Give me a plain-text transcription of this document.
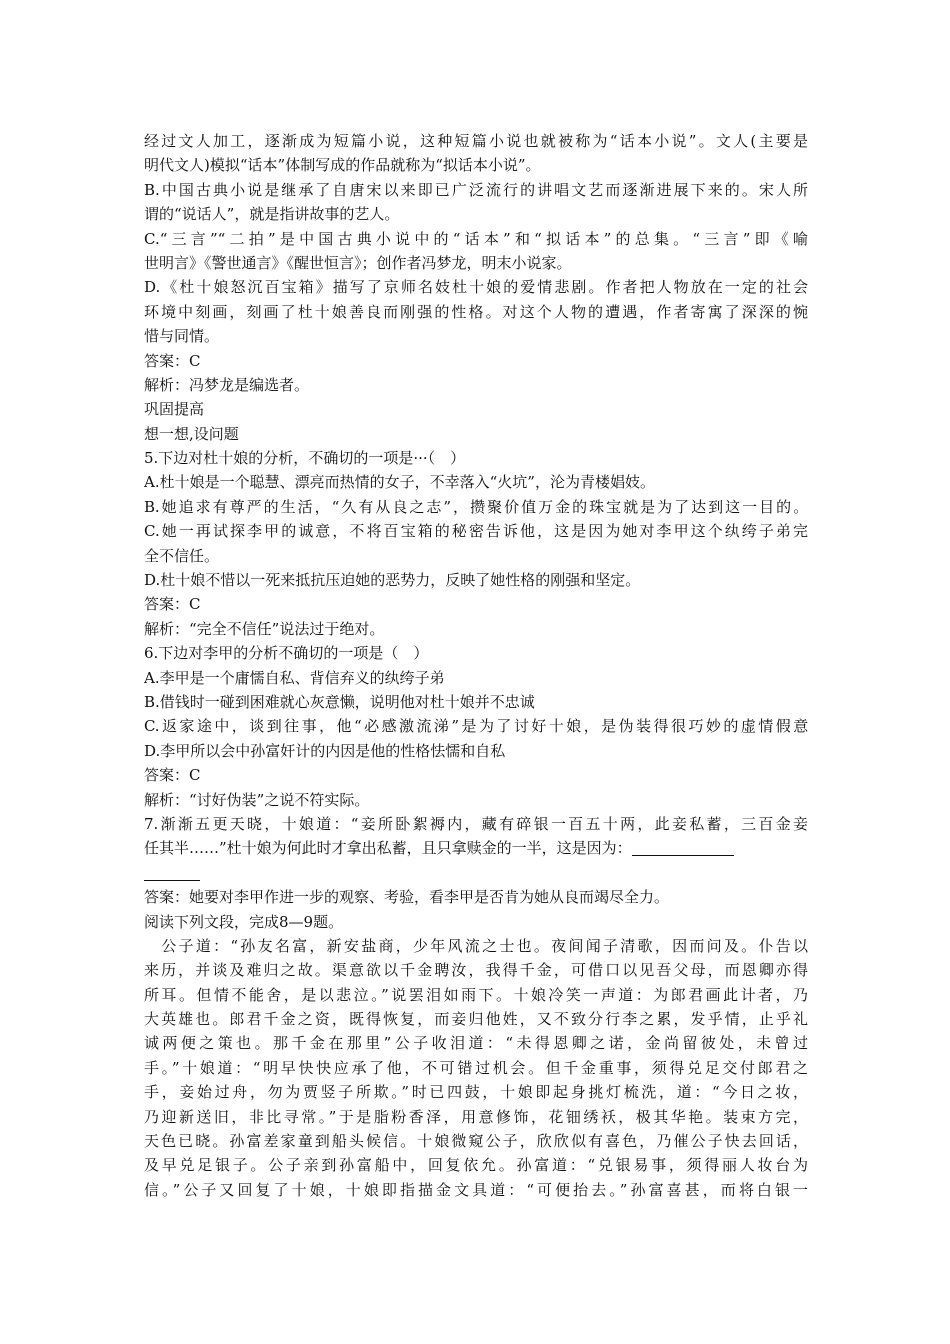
经过文人加工，逐渐成为短篇小说，这种短篇小说也就被称为“话本小说”。文人(主要是
明代文人)模拟“话本”体制写成的作品就称为“拟话本小说”。
B.中国古典小说是继承了自唐宋以来即已广泛流行的讲唱文艺而逐渐进展下来的。宋人所
谓的“说话人”，就是指讲故事的艺人。
C.“三言”“二拍”是中国古典小说中的“话本”和“拟话本”的总集。“三言”即《喻
世明言》《警世通言》《醒世恒言》；创作者冯梦龙，明末小说家。
D.《杜十娘怒沉百宝箱》描写了京师名妓杜十娘的爱情悲剧。作者把人物放在一定的社会
环境中刻画，刻画了杜十娘善良而刚强的性格。对这个人物的遭遇，作者寄寓了深深的惋
惜与同情。
答案：C
解析：冯梦龙是编选者。
巩固提高
想一想,设问题
5.下边对杜十娘的分析，不确切的一项是···（　）
A.杜十娘是一个聪慧、漂亮而热情的女子，不幸落入“火坑”，沦为青楼娼妓。
B.她追求有尊严的生活，“久有从良之志”，攒聚价值万金的珠宝就是为了达到这一目的。
C.她一再试探李甲的诚意，不将百宝箱的秘密告诉他，这是因为她对李甲这个纨绔子弟完
全不信任。
D.杜十娘不惜以一死来抵抗压迫她的恶势力，反映了她性格的刚强和坚定。
答案：C
解析：“完全不信任”说法过于绝对。
6.下边对李甲的分析不确切的一项是（　）
A.李甲是一个庸懦自私、背信弃义的纨绔子弟
B.借钱时一碰到困难就心灰意懒，说明他对杜十娘并不忠诚
C.返家途中，谈到往事，他“必感激流涕”是为了讨好十娘，是伪装得很巧妙的虚情假意
D.李甲所以会中孙富奸计的内因是他的性格怯懦和自私
答案：C
解析：“讨好伪装”之说不符实际。
7.渐渐五更天晓，十娘道：“妾所卧絮褥内，藏有碎银一百五十两，此妾私蓄，三百金妾
任其半……”杜十娘为何此时才拿出私蓄，且只拿赎金的一半，这是因为：
答案：她要对李甲作进一步的观察、考验，看李甲是否肯为她从良而竭尽全力。
阅读下列文段，完成8—9题。
　公子道：“孙友名富，新安盐商，少年风流之士也。夜间闻子清歌，因而问及。仆告以
来历，并谈及难归之故。渠意欲以千金聘汝，我得千金，可借口以见吾父母，而恩卿亦得
所耳。但情不能舍，是以悲泣。”说罢泪如雨下。十娘冷笑一声道：为郎君画此计者，乃
大英雄也。郎君千金之资，既得恢复，而妾归他姓，又不致分行李之累，发乎情，止乎礼
诚两便之策也。那千金在那里”公子收泪道：“未得恩卿之诺，金尚留彼处，未曾过
手。”十娘道：“明早快快应承了他，不可错过机会。但千金重事，须得兑足交付郎君之
手，妾始过舟，勿为贾竖子所欺。”时已四鼓，十娘即起身挑灯梳洗，道：“今日之妆，
乃迎新送旧，非比寻常。”于是脂粉香泽，用意修饰，花钿绣袄，极其华艳。装束方完，
天色已晓。孙富差家童到船头候信。十娘微窥公子，欣欣似有喜色，乃催公子快去回话，
及早兑足银子。公子亲到孙富船中，回复依允。孙富道：“兑银易事，须得丽人妆台为
信。”公子又回复了十娘，十娘即指描金文具道：“可便抬去。”孙富喜甚，而将白银一
